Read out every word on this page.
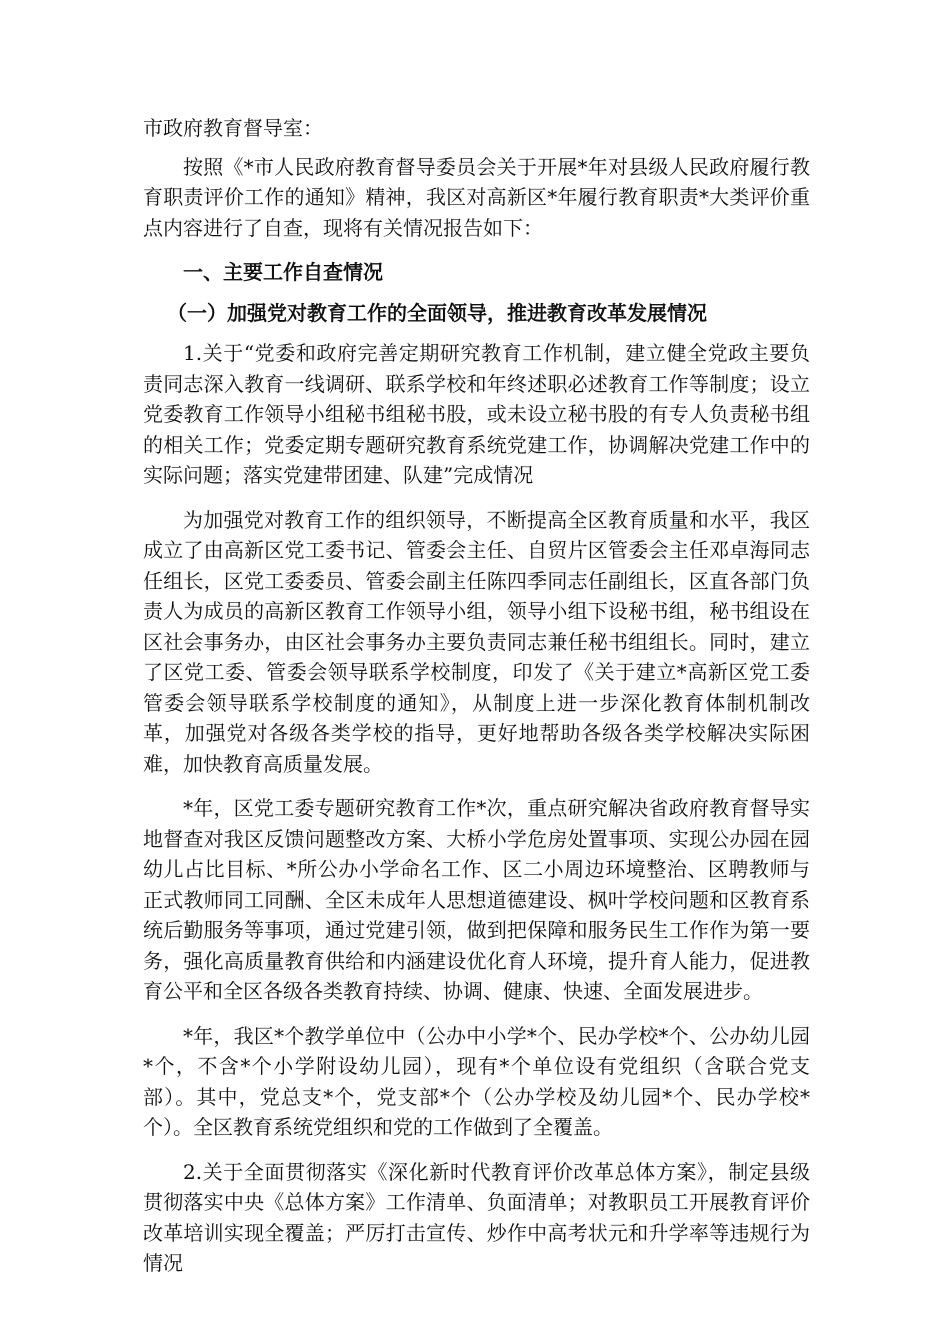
市政府教育督导室：

按照《*市人民政府教育督导委员会关于开展*年对县级人民政府履行教育职责评价工作的通知》精神，我区对高新区*年履行教育职责*大类评价重点内容进行了自查，现将有关情况报告如下：

一、主要工作自查情况

（一）加强党对教育工作的全面领导，推进教育改革发展情况

1.关于“党委和政府完善定期研究教育工作机制，建立健全党政主要负责同志深入教育一线调研、联系学校和年终述职必述教育工作等制度；设立党委教育工作领导小组秘书组秘书股，或未设立秘书股的有专人负责秘书组的相关工作；党委定期专题研究教育系统党建工作，协调解决党建工作中的实际问题；落实党建带团建、队建”完成情况

为加强党对教育工作的组织领导，不断提高全区教育质量和水平，我区成立了由高新区党工委书记、管委会主任、自贸片区管委会主任邓卓海同志任组长，区党工委委员、管委会副主任陈四季同志任副组长，区直各部门负责人为成员的高新区教育工作领导小组，领导小组下设秘书组，秘书组设在区社会事务办，由区社会事务办主要负责同志兼任秘书组组长。同时，建立了区党工委、管委会领导联系学校制度，印发了《关于建立*高新区党工委管委会领导联系学校制度的通知》，从制度上进一步深化教育体制机制改革，加强党对各级各类学校的指导，更好地帮助各级各类学校解决实际困难，加快教育高质量发展。

*年，区党工委专题研究教育工作*次，重点研究解决省政府教育督导实地督查对我区反馈问题整改方案、大桥小学危房处置事项、实现公办园在园幼儿占比目标、*所公办小学命名工作、区二小周边环境整治、区聘教师与正式教师同工同酬、全区未成年人思想道德建设、枫叶学校问题和区教育系统后勤服务等事项，通过党建引领，做到把保障和服务民生工作作为第一要务，强化高质量教育供给和内涵建设优化育人环境，提升育人能力，促进教育公平和全区各级各类教育持续、协调、健康、快速、全面发展进步。

*年，我区*个教学单位中（公办中小学*个、民办学校*个、公办幼儿园*个，不含*个小学附设幼儿园），现有*个单位设有党组织（含联合党支部）。其中，党总支*个，党支部*个（公办学校及幼儿园*个、民办学校*个）。全区教育系统党组织和党的工作做到了全覆盖。

2.关于全面贯彻落实《深化新时代教育评价改革总体方案》，制定县级贯彻落实中央《总体方案》工作清单、负面清单；对教职员工开展教育评价改革培训实现全覆盖；严厉打击宣传、炒作中高考状元和升学率等违规行为情况
